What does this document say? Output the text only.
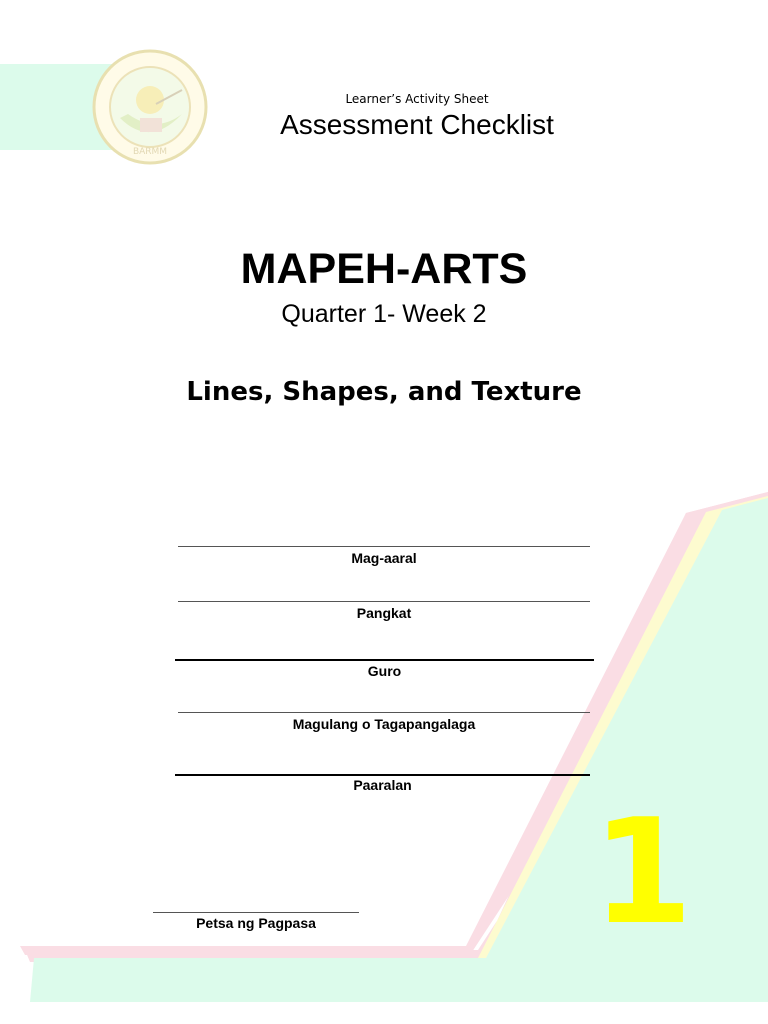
BARMM
Learner’s Activity Sheet
Assessment Checklist
MAPEH-ARTS
Quarter 1- Week 2
Lines, Shapes, and Texture
Mag-aaral
Pangkat
Guro
Magulang o Tagapangalaga
Paaralan
Petsa ng Pagpasa 1
